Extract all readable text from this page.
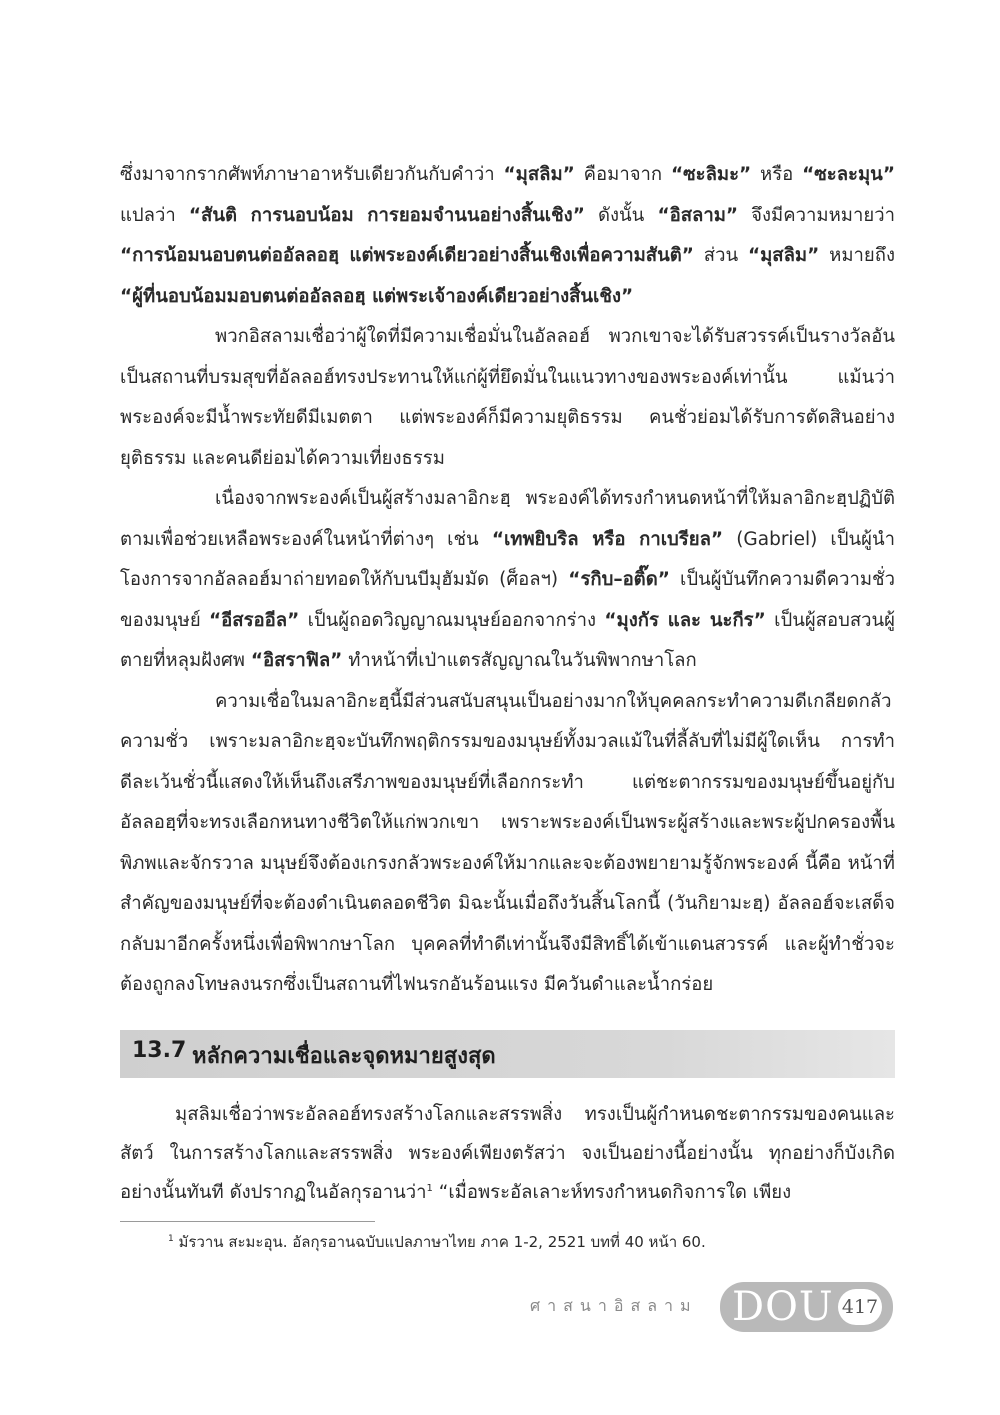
ซึ่งมาจากรากศัพท์ภาษาอาหรับเดียวกันกับคำว่า “มุสลิม” คือมาจาก “ซะลิมะ” หรือ “ซะละมุน” แปลว่า “สันติ การนอบน้อม การยอมจำนนอย่างสิ้นเชิง” ดังนั้น “อิสลาม” จึงมีความหมายว่า “การน้อมนอบตนต่ออัลลอฮฺ แต่พระองค์เดียวอย่างสิ้นเชิงเพื่อความสันติ” ส่วน “มุสลิม” หมายถึง “ผู้ที่นอบน้อมมอบตนต่ออัลลอฮฺ แต่พระเจ้าองค์เดียวอย่างสิ้นเชิง”

พวกอิสลามเชื่อว่าผู้ใดที่มีความเชื่อมั่นในอัลลอฮ์ พวกเขาจะได้รับสวรรค์เป็นรางวัลอันเป็นสถานที่บรมสุขที่อัลลอฮ์ทรงประทานให้แก่ผู้ที่ยึดมั่นในแนวทางของพระองค์เท่านั้น แม้นว่าพระองค์จะมีน้ำพระทัยดีมีเมตตา แต่พระองค์ก็มีความยุติธรรม คนชั่วย่อมได้รับการตัดสินอย่างยุติธรรม และคนดีย่อมได้ความเที่ยงธรรม

เนื่องจากพระองค์เป็นผู้สร้างมลาอิกะฮฺ พระองค์ได้ทรงกำหนดหน้าที่ให้มลาอิกะฮฺปฏิบัติตามเพื่อช่วยเหลือพระองค์ในหน้าที่ต่างๆ เช่น “เทพยิบริล หรือ กาเบรียล” (Gabriel) เป็นผู้นำโองการจากอัลลอฮ์มาถ่ายทอดให้กับนบีมุฮัมมัด (ศ็อลฯ) “รกิบ–อติ๊ด” เป็นผู้บันทึกความดีความชั่วของมนุษย์ “อีสรออีล” เป็นผู้ถอดวิญญาณมนุษย์ออกจากร่าง “มุงกัร และ นะกีร” เป็นผู้สอบสวนผู้ตายที่หลุมฝังศพ “อิสราฟิล” ทำหน้าที่เป่าแตรสัญญาณในวันพิพากษาโลก

ความเชื่อในมลาอิกะฮฺนี้มีส่วนสนับสนุนเป็นอย่างมากให้บุคคลกระทำความดีเกลียดกลัวความชั่ว เพราะมลาอิกะฮฺจะบันทึกพฤติกรรมของมนุษย์ทั้งมวลแม้ในที่ลี้ลับที่ไม่มีผู้ใดเห็น การทำดีละเว้นชั่วนี้แสดงให้เห็นถึงเสรีภาพของมนุษย์ที่เลือกกระทำ แต่ชะตากรรมของมนุษย์ขึ้นอยู่กับอัลลอฮฺที่จะทรงเลือกหนทางชีวิตให้แก่พวกเขา เพราะพระองค์เป็นพระผู้สร้างและพระผู้ปกครองพื้นพิภพและจักรวาล มนุษย์จึงต้องเกรงกลัวพระองค์ให้มากและจะต้องพยายามรู้จักพระองค์ นี้คือ หน้าที่สำคัญของมนุษย์ที่จะต้องดำเนินตลอดชีวิต มิฉะนั้นเมื่อถึงวันสิ้นโลกนี้ (วันกิยามะฮฺ) อัลลอฮ์จะเสด็จกลับมาอีกครั้งหนึ่งเพื่อพิพากษาโลก บุคคลที่ทำดีเท่านั้นจึงมีสิทธิ์ได้เข้าแดนสวรรค์ และผู้ทำชั่วจะต้องถูกลงโทษลงนรกซึ่งเป็นสถานที่ไฟนรกอันร้อนแรง มีควันดำและน้ำกร่อย

13.7 หลักความเชื่อและจุดหมายสูงสุด

มุสลิมเชื่อว่าพระอัลลอฮ์ทรงสร้างโลกและสรรพสิ่ง ทรงเป็นผู้กำหนดชะตากรรมของคนและสัตว์ ในการสร้างโลกและสรรพสิ่ง พระองค์เพียงตรัสว่า จงเป็นอย่างนี้อย่างนั้น ทุกอย่างก็บังเกิดอย่างนั้นทันที ดังปรากฏในอัลกุรอานว่า$^1$ “เมื่อพระอัลเลาะห์ทรงกำหนดกิจการใด เพียง

$^1$ มัรวาน สะมะอุน. อัลกุรอานฉบับแปลภาษาไทย ภาค 1-2, 2521 บทที่ 40 หน้า 60.
ศาสนาอิสลาม DOU 417
